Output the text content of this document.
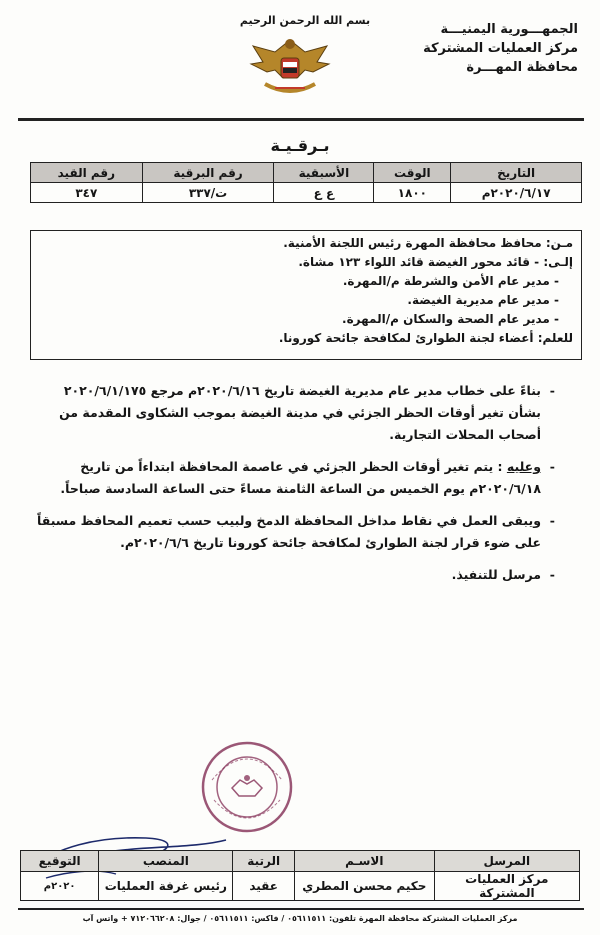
الجمهـــورية اليمنيـــة
مركز العمليات المشتركة
محافظة المهـــرة
بسم الله الرحمن الرحيم
بـرقـيـة
التاريخ	الوقت	الأسبقية	رقم البرقية	رقم القيد
٢٠٢٠/٦/١٧م	١٨٠٠	ع ع	ت/٣٣٧	٣٤٧
مـن: محافظ محافظة المهرة رئيس اللجنة الأمنية.
إلـى: - قائد محور الغيضة قائد اللواء ١٢٣ مشاة.
- مدير عام الأمن والشرطة م/المهرة.
- مدير عام مديرية الغيضة.
- مدير عام الصحة والسكان م/المهرة.
للعلم: أعضاء لجنة الطوارئ لمكافحة جائحة كورونا.

- بناءً على خطاب مدير عام مديرية الغيضة تاريخ ٢٠٢٠/٦/١٦م مرجع ٢٠٢٠/٦/١/١٧٥ بشأن تغير أوقات الحظر الجزئي في مدينة الغيضة بموجب الشكاوى المقدمة من أصحاب المحلات التجارية.

- وعليه : يتم تغير أوقات الحظر الجزئي في عاصمة المحافظة ابتداءاً من تاريخ ٢٠٢٠/٦/١٨م يوم الخميس من الساعة الثامنة مساءً حتى الساعة السادسة صباحاً.

- ويبقى العمل في نقاط مداخل المحافظة الدمخ ولبيب حسب تعميم المحافظ مسبقاً على ضوء قرار لجنة الطوارئ لمكافحة جائحة كورونا تاريخ ٢٠٢٠/٦/٦م.

- مرسل للتنفيذ.

المرسل	الاسـم	الرتبة	المنصب	التوقيع
مركز العمليات المشتركة	حكيم محسن المطري	عقيد	رئيس غرفة العمليات	٢٠٢٠م
مركز العمليات المشتركة محافظة المهرة تلفون: ٠٥٦١١٥١١ / فاكس: ٠٥٦١١٥١١ / جوال: ٧١٢٠٦٦٢٠٨ + واتس آب
